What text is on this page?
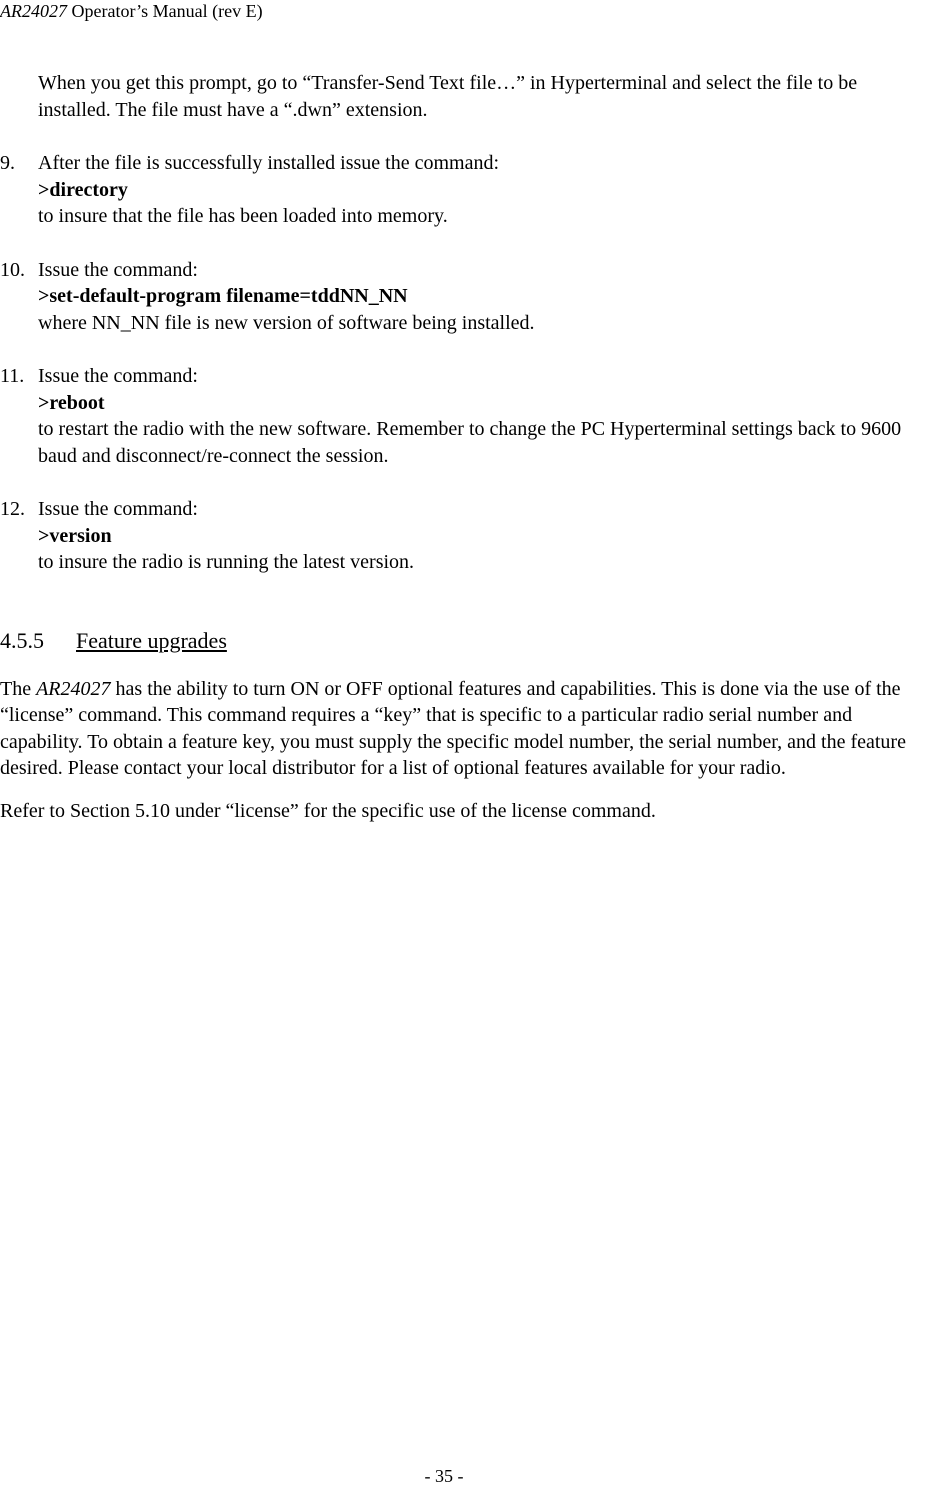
AR24027 Operator’s Manual (rev E)

When you get this prompt, go to “Transfer-Send Text file…” in Hyperterminal and select the file to be installed. The file must have a “.dwn” extension.

9. After the file is successfully installed issue the command:
>directory
to insure that the file has been loaded into memory.
10. Issue the command:
>set-default-program filename=tddNN_NN
where NN_NN file is new version of software being installed.
11. Issue the command:
>reboot
to restart the radio with the new software. Remember to change the PC Hyperterminal settings back to 9600 baud and disconnect/re-connect the session.
12. Issue the command:
>version
to insure the radio is running the latest version.
4.5.5 Feature upgrades

The AR24027 has the ability to turn ON or OFF optional features and capabilities. This is done via the use of the “license” command. This command requires a “key” that is specific to a particular radio serial number and capability. To obtain a feature key, you must supply the specific model number, the serial number, and the feature desired. Please contact your local distributor for a list of optional features available for your radio.

Refer to Section 5.10 under “license” for the specific use of the license command.

- 35 -
